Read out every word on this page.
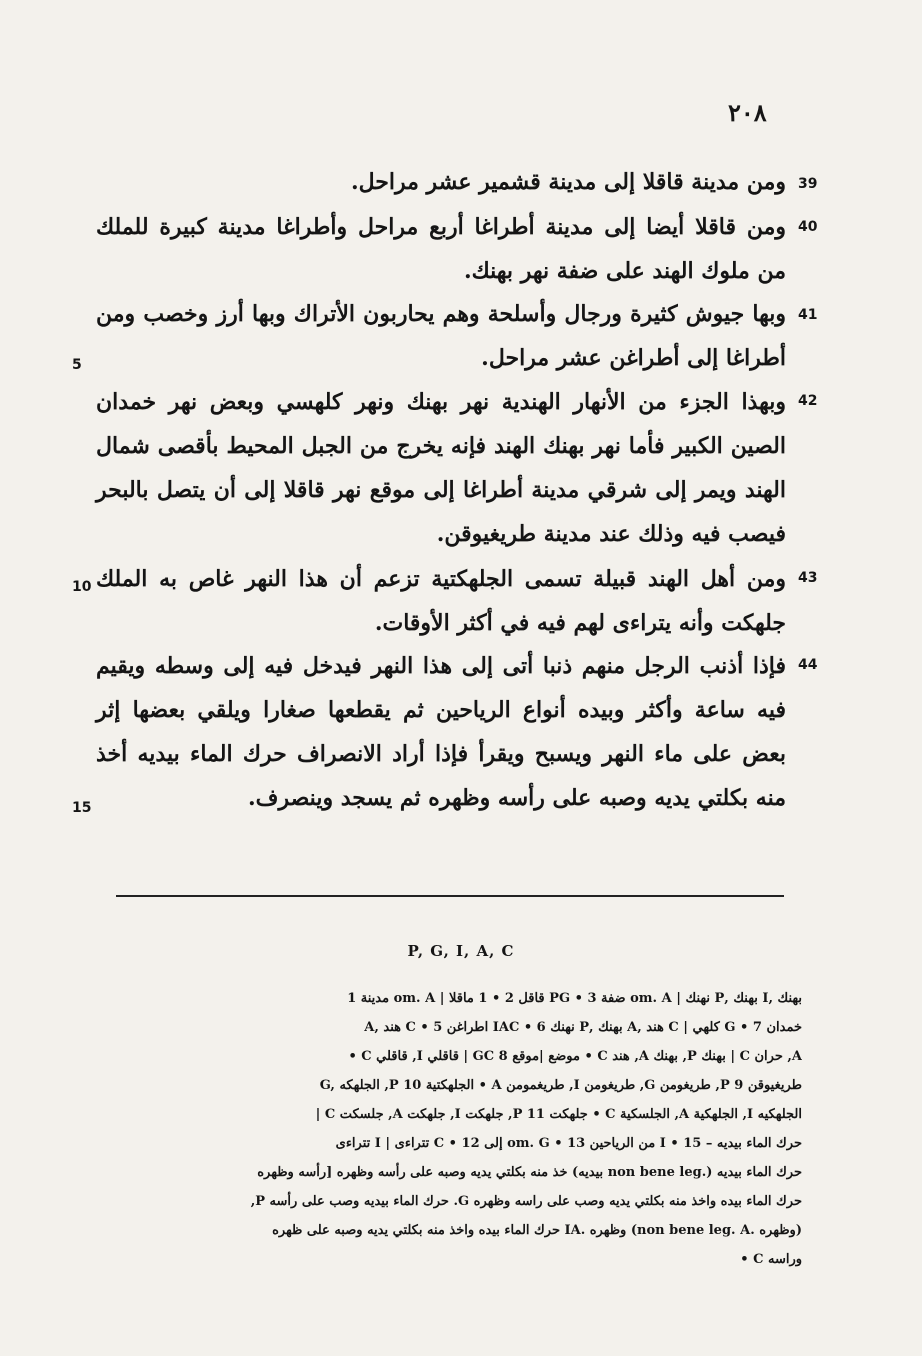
٢٠٨
39
ومن مدينة قاقلا إلى مدينة قشمير عشر مراحل.
40
ومن قاقلا أيضا إلى مدينة أطراغا أربع مراحل وأطراغا مدينة كبيرة للملك من ملوك الهند على ضفة نهر بهنك.
41
وبها جيوش كثيرة ورجال وأسلحة وهم يحاربون الأتراك وبها أرز وخصب ومن أطراغا إلى أطراغن عشر مراحل.
42
وبهذا الجزء من الأنهار الهندية نهر بهنك ونهر كلهسي وبعض نهر خمدان الصين الكبير فأما نهر بهنك الهند فإنه يخرج من الجبل المحيط بأقصى شمال الهند ويمر إلى شرقي مدينة أطراغا إلى موقع نهر قاقلا إلى أن يتصل بالبحر فيصب فيه وذلك عند مدينة طريغيوقن.
43
ومن أهل الهند قبيلة تسمى الجلهكتية تزعم أن هذا النهر غاص به الملك جلهكت وأنه يتراءى لهم فيه في أكثر الأوقات.
44
فإذا أذنب الرجل منهم ذنبا أتى إلى هذا النهر فيدخل فيه إلى وسطه ويقيم فيه ساعة وأكثر وبيده أنواع الرياحين ثم يقطعها صغارا ويلقي بعضها إثر بعض على ماء النهر ويسبح ويقرأ فإذا أراد الانصراف حرك الماء بيديه أخذ منه بكلتي يديه وصبه على رأسه وظهره ثم يسجد وينصرف.
5
10
15
P, G, I, A, C
بهنك ,I بهنك ,P نهنك | om. A ضفة 3 • PG قاقل 2 • 1 ماقلا | om. A مدينة 1
خمدان 7 • G كلهي | C هند ,A بهنك ,P نهنك 6 • IAC اطراغن 5 • C هند ,A
• C قاقلي ,I قاقلي | GC موضع |موقع 8 • C هند ,A بهنك ,P بهنك | C حران ,A
G, الجلهكه ,P الجلهكتية 10 • A طريغمومن ,I طريغومن ,G طريغومن ,P طريغيوقن 9
| C جلسكت ,A جلهكت ,I جلهكت ,P جلهكت 11 • C الجلسكية ,A الجلهكية ,I الجلهكيه
حرك الماء بيديه – 15 • I من الرياحين 13 • om. G إلى 12 • C تتراءى | I تتراءى
حرك الماء بيديه (.non bene leg بيديه) خذ منه بكلتي يديه وصبه على رأسه وظهره [رأسه وظهره
,P حرك الماء بيديه وصب على رأسه .G حرك الماء بيده واخذ منه بكلتي يديه وصب على راسه وظهره
(وظهره .non bene leg. A) وظهره .IA حرك الماء بيده واخذ منه بكلتي يديه وصبه على ظهره
• C وراسه
